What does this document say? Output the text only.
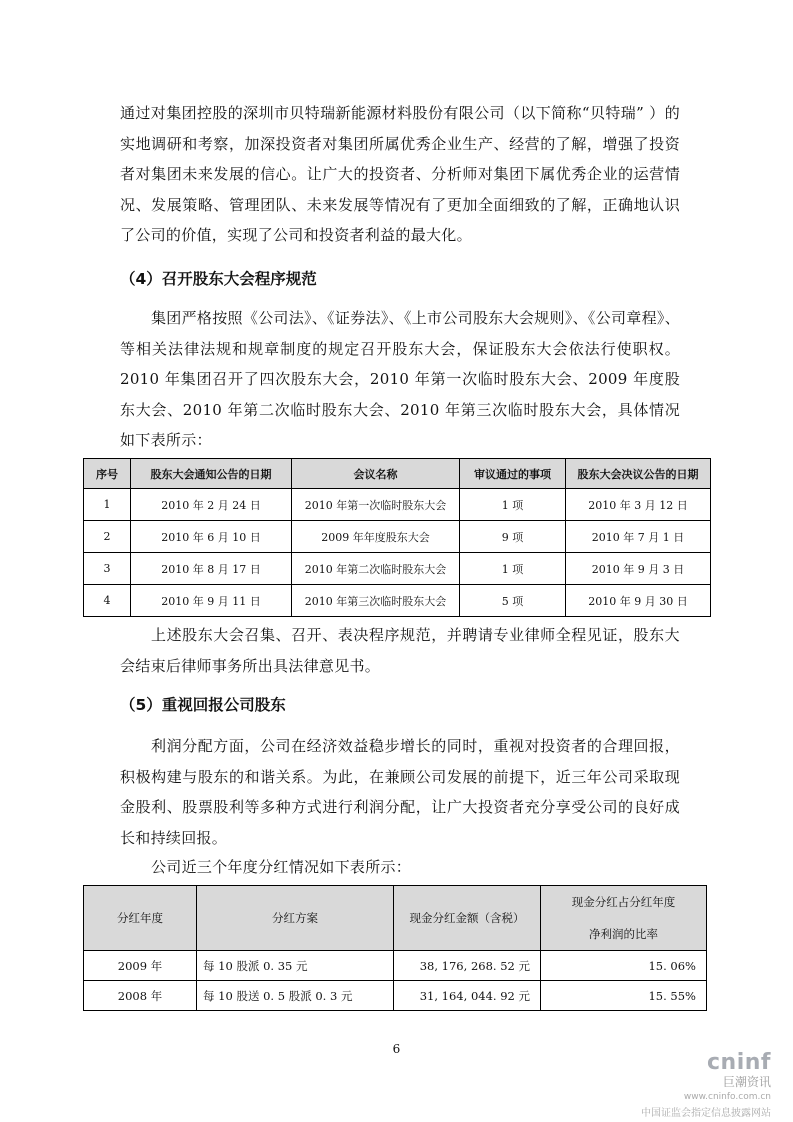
通过对集团控股的深圳市贝特瑞新能源材料股份有限公司（以下简称“贝特瑞” ）的实地调研和考察，加深投资者对集团所属优秀企业生产、经营的了解，增强了投资者对集团未来发展的信心。让广大的投资者、分析师对集团下属优秀企业的运营情况、发展策略、管理团队、未来发展等情况有了更加全面细致的了解，正确地认识了公司的价值，实现了公司和投资者利益的最大化。
（4）召开股东大会程序规范
集团严格按照《公司法》、《证券法》、《上市公司股东大会规则》、《公司章程》、等相关法律法规和规章制度的规定召开股东大会，保证股东大会依法行使职权。2010 年集团召开了四次股东大会，2010 年第一次临时股东大会、2009 年度股东大会、2010 年第二次临时股东大会、2010 年第三次临时股东大会，具体情况如下表所示：
序号	股东大会通知公告的日期	会议名称	审议通过的事项	股东大会决议公告的日期
1	2010 年 2 月 24 日	2010 年第一次临时股东大会	1 项	2010 年 3 月 12 日
2	2010 年 6 月 10 日	2009 年年度股东大会	9 项	2010 年 7 月 1 日
3	2010 年 8 月 17 日	2010 年第二次临时股东大会	1 项	2010 年 9 月 3 日
4	2010 年 9 月 11 日	2010 年第三次临时股东大会	5 项	2010 年 9 月 30 日
上述股东大会召集、召开、表决程序规范，并聘请专业律师全程见证，股东大会结束后律师事务所出具法律意见书。
（5）重视回报公司股东
利润分配方面，公司在经济效益稳步增长的同时，重视对投资者的合理回报，积极构建与股东的和谐关系。为此，在兼顾公司发展的前提下，近三年公司采取现金股利、股票股利等多种方式进行利润分配，让广大投资者充分享受公司的良好成长和持续回报。
公司近三个年度分红情况如下表所示：
分红年度	分红方案	现金分红金额（含税）	现金分红占分红年度
净利润的比率

2009 年	每 10 股派 0. 35 元	38, 176, 268. 52 元	15. 06%
2008 年	每 10 股送 0. 5 股派 0. 3 元	31, 164, 044. 92 元	15. 55%
6
cninf
巨潮资讯
www.cninfo.com.cn
中国证监会指定信息披露网站
